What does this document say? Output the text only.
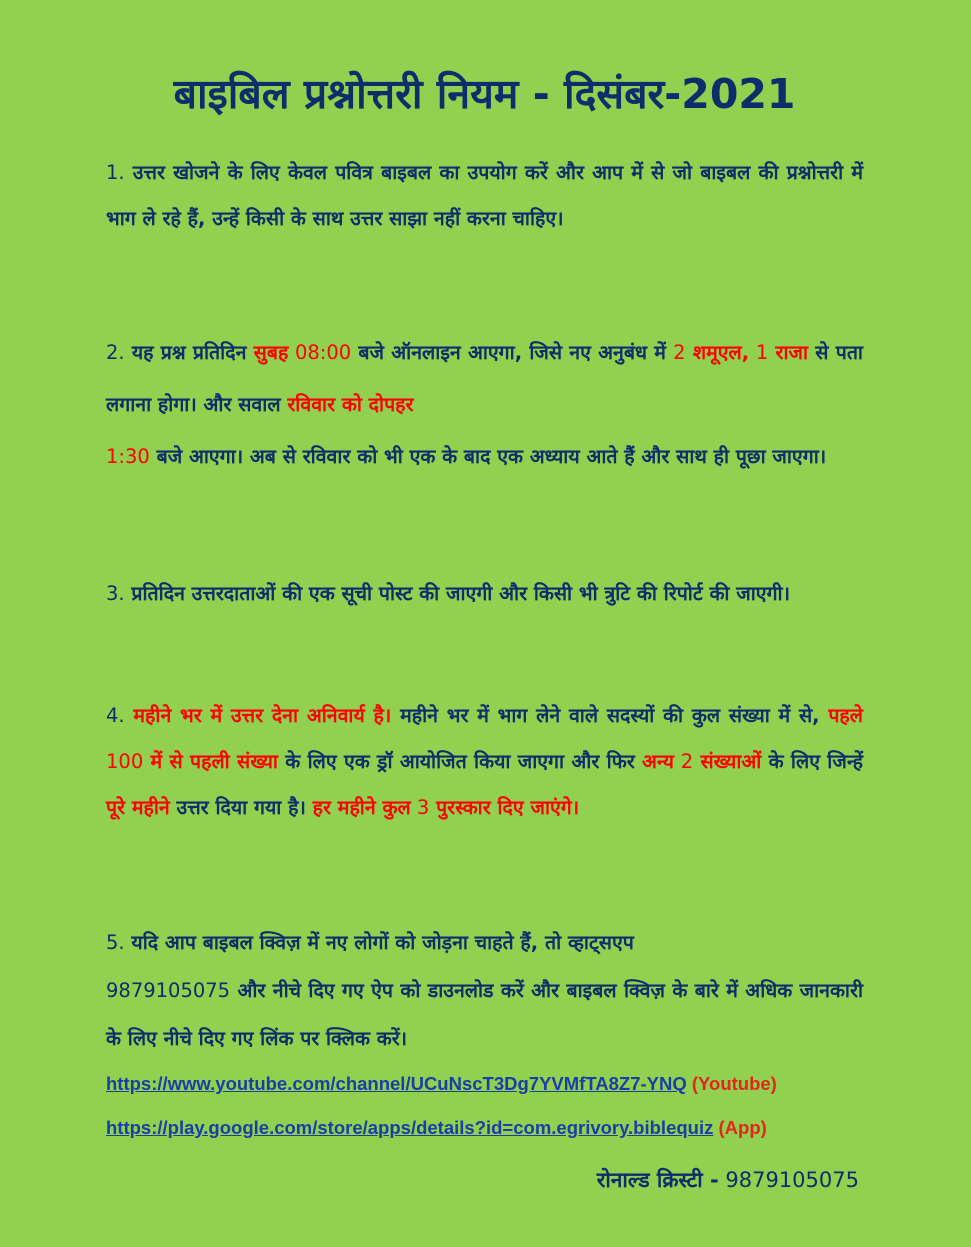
बाइबिल प्रश्नोत्तरी नियम - दिसंबर-2021

1. उत्तर खोजने के लिए केवल पवित्र बाइबल का उपयोग करें और आप में से जो बाइबल की प्रश्नोत्तरी में भाग ले रहे हैं, उन्हें किसी के साथ उत्तर साझा नहीं करना चाहिए।

2. यह प्रश्न प्रतिदिन सुबह 08:00 बजे ऑनलाइन आएगा, जिसे नए अनुबंध में 2 शमूएल, 1 राजा से पता लगाना होगा। और सवाल रविवार को दोपहर
1:30 बजे आएगा। अब से रविवार को भी एक के बाद एक अध्याय आते हैं और साथ ही पूछा जाएगा।

3. प्रतिदिन उत्तरदाताओं की एक सूची पोस्ट की जाएगी और किसी भी त्रुटि की रिपोर्ट की जाएगी।

4. महीने भर में उत्तर देना अनिवार्य है। महीने भर में भाग लेने वाले सदस्यों की कुल संख्या में से, पहले 100 में से पहली संख्या के लिए एक ड्रॉ आयोजित किया जाएगा और फिर अन्य 2 संख्याओं के लिए जिन्हें पूरे महीने उत्तर दिया गया है। हर महीने कुल 3 पुरस्कार दिए जाएंगे।

5. यदि आप बाइबल क्विज़ में नए लोगों को जोड़ना चाहते हैं, तो व्हाट्सएप
9879105075 और नीचे दिए गए ऐप को डाउनलोड करें और बाइबल क्विज़ के बारे में अधिक जानकारी के लिए नीचे दिए गए लिंक पर क्लिक करें।

https://www.youtube.com/channel/UCuNscT3Dg7YVMfTA8Z7-YNQ (Youtube)
https://play.google.com/store/apps/details?id=com.egrivory.biblequiz (App)
रोनाल्ड क्रिस्टी - 9879105075
